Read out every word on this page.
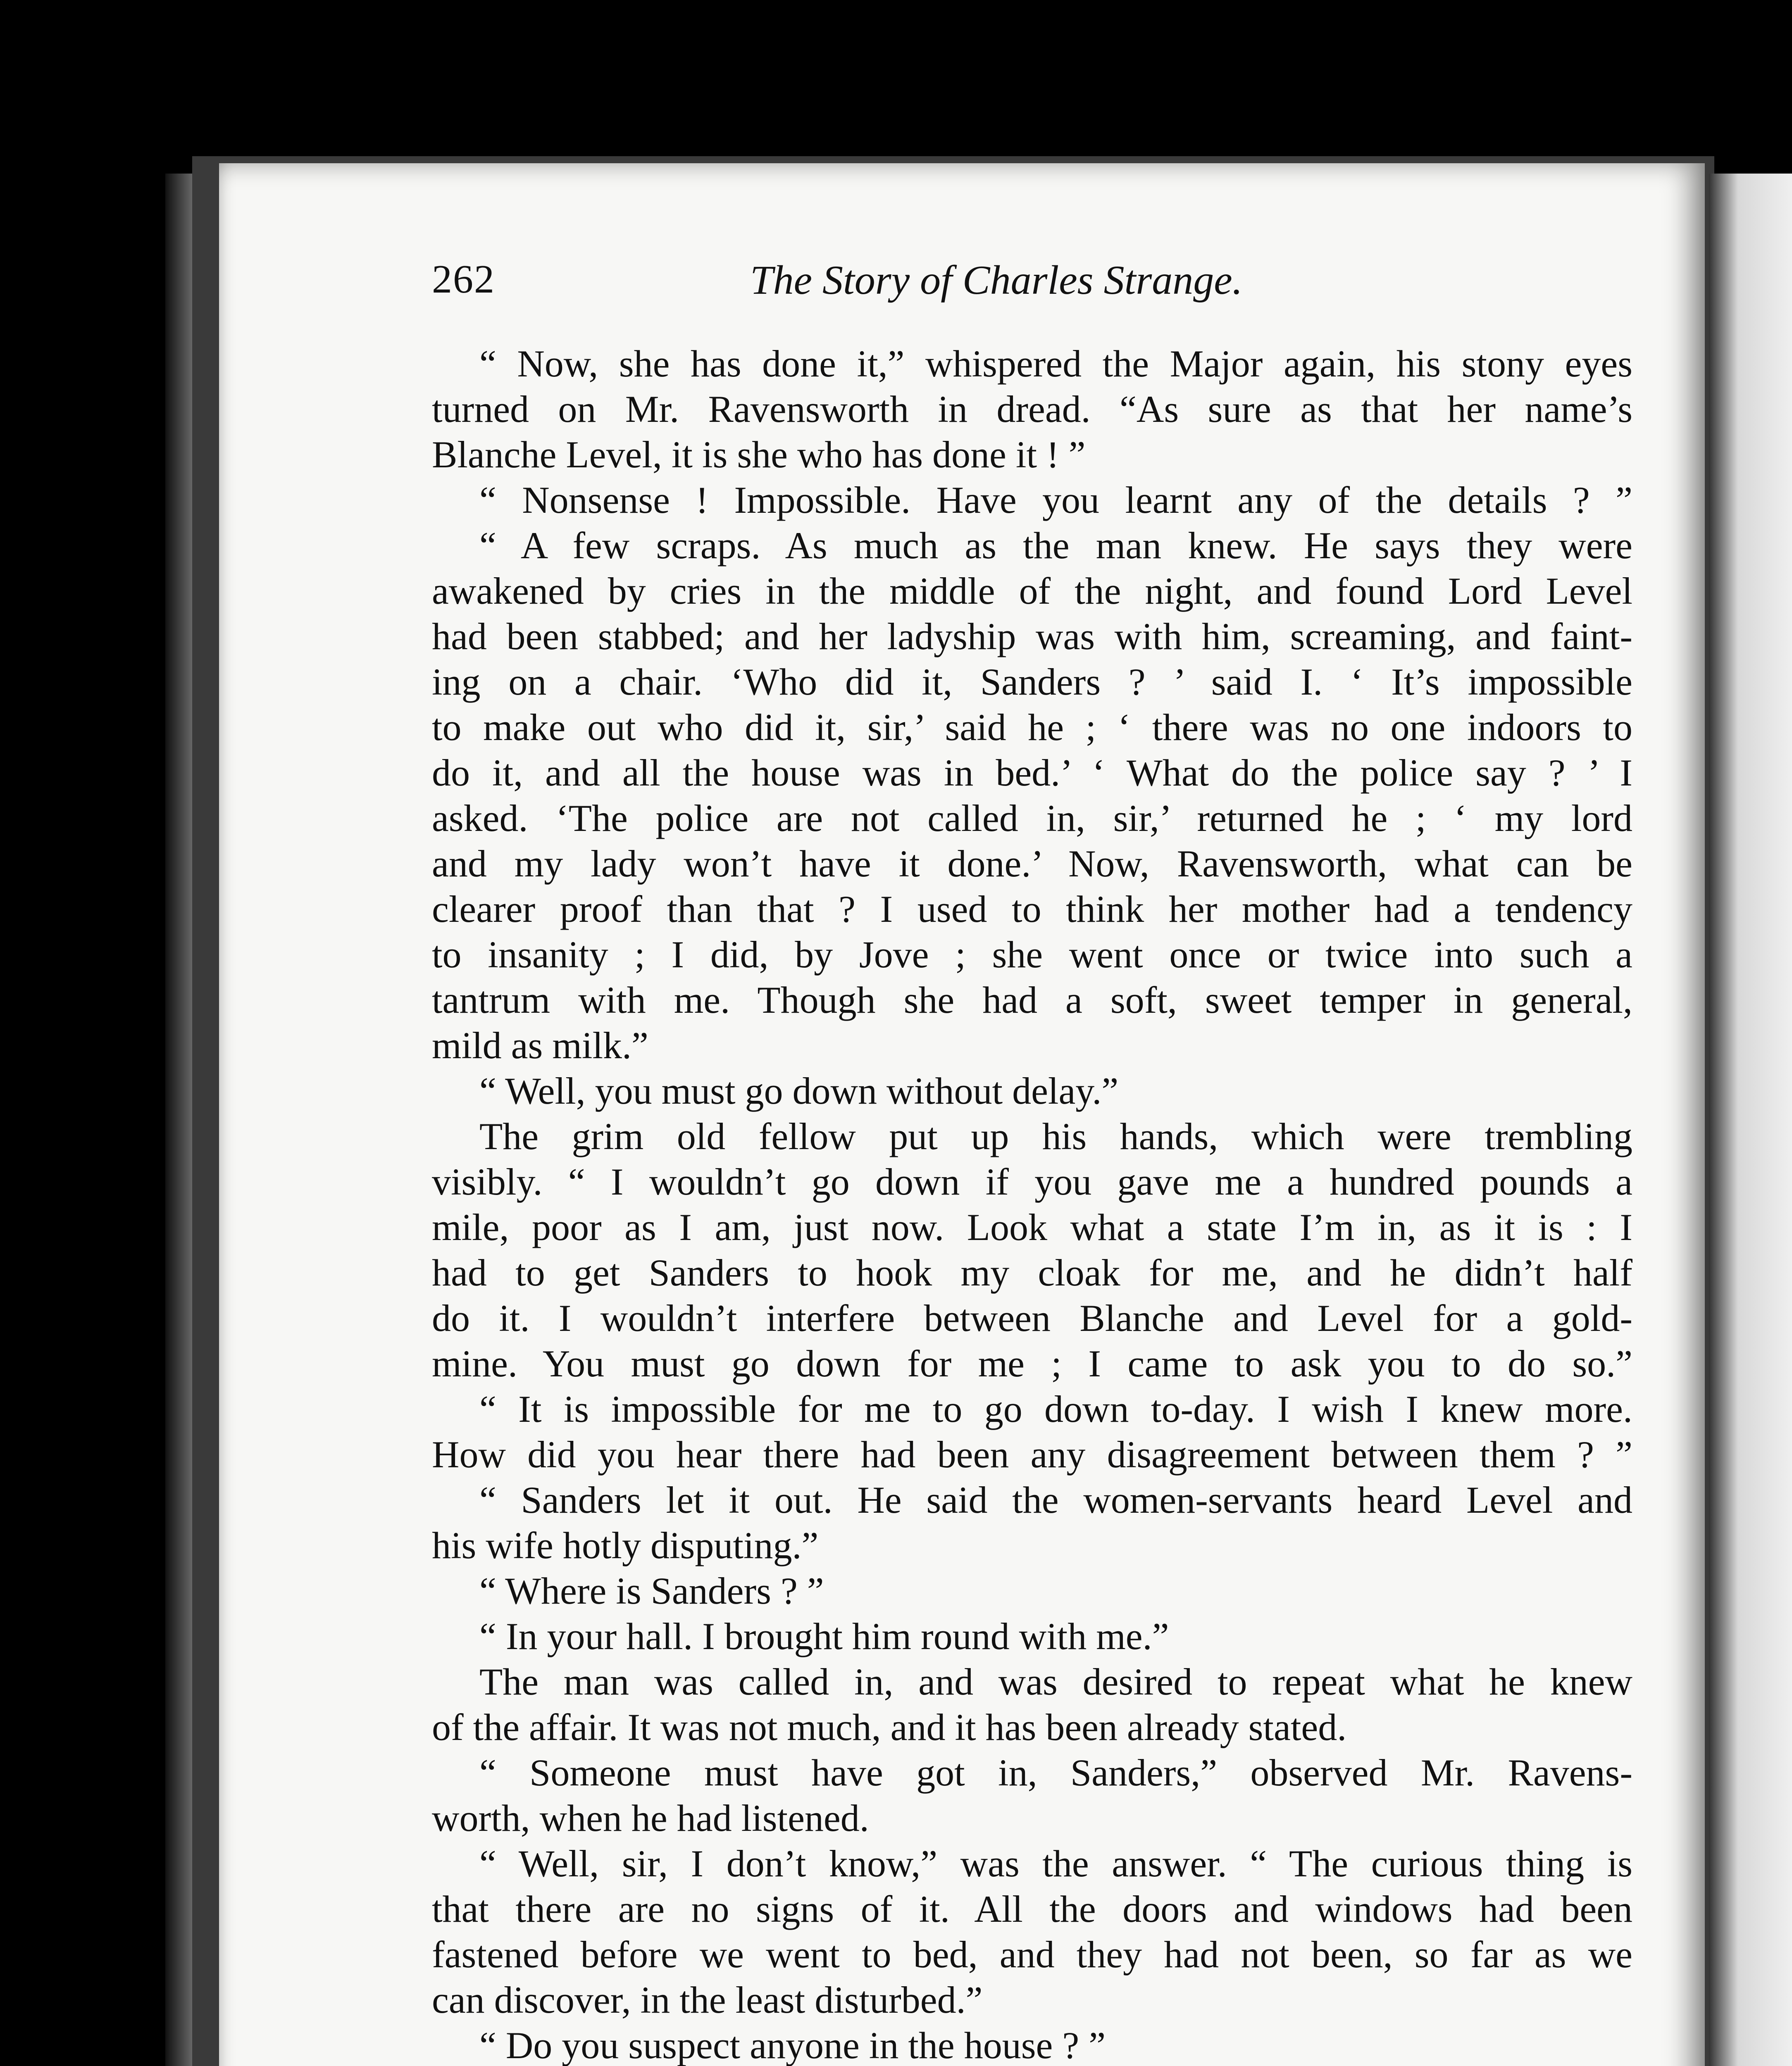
262	The Story of Charles Strange.
“ Now, she has done it,” whispered the Major again, his stony eyes
turned on Mr. Ravensworth in dread. “As sure as that her name’s
Blanche Level, it is she who has done it ! ”
“ Nonsense ! Impossible. Have you learnt any of the details ? ”
“ A few scraps. As much as the man knew. He says they were
awakened by cries in the middle of the night, and found Lord Level
had been stabbed; and her ladyship was with him, screaming, and faint-
ing on a chair. ‘Who did it, Sanders ? ’ said I. ‘ It’s impossible
to make out who did it, sir,’ said he ; ‘ there was no one indoors to
do it, and all the house was in bed.’ ‘ What do the police say ? ’ I
asked. ‘The police are not called in, sir,’ returned he ; ‘ my lord
and my lady won’t have it done.’ Now, Ravensworth, what can be
clearer proof than that ? I used to think her mother had a tendency
to insanity ; I did, by Jove ; she went once or twice into such a
tantrum with me. Though she had a soft, sweet temper in general,
mild as milk.”
“ Well, you must go down without delay.”
The grim old fellow put up his hands, which were trembling
visibly. “ I wouldn’t go down if you gave me a hundred pounds a
mile, poor as I am, just now. Look what a state I’m in, as it is : I
had to get Sanders to hook my cloak for me, and he didn’t half
do it. I wouldn’t interfere between Blanche and Level for a gold-
mine. You must go down for me ; I came to ask you to do so.”
“ It is impossible for me to go down to-day. I wish I knew more.
How did you hear there had been any disagreement between them ? ”
“ Sanders let it out. He said the women-servants heard Level and
his wife hotly disputing.”
“ Where is Sanders ? ”
“ In your hall. I brought him round with me.”
The man was called in, and was desired to repeat what he knew
of the affair. It was not much, and it has been already stated.
“ Someone must have got in, Sanders,” observed Mr. Ravens-
worth, when he had listened.
“ Well, sir, I don’t know,” was the answer. “ The curious thing is
that there are no signs of it. All the doors and windows had been
fastened before we went to bed, and they had not been, so far as we
can discover, in the least disturbed.”
“ Do you suspect anyone in the house ? ”
